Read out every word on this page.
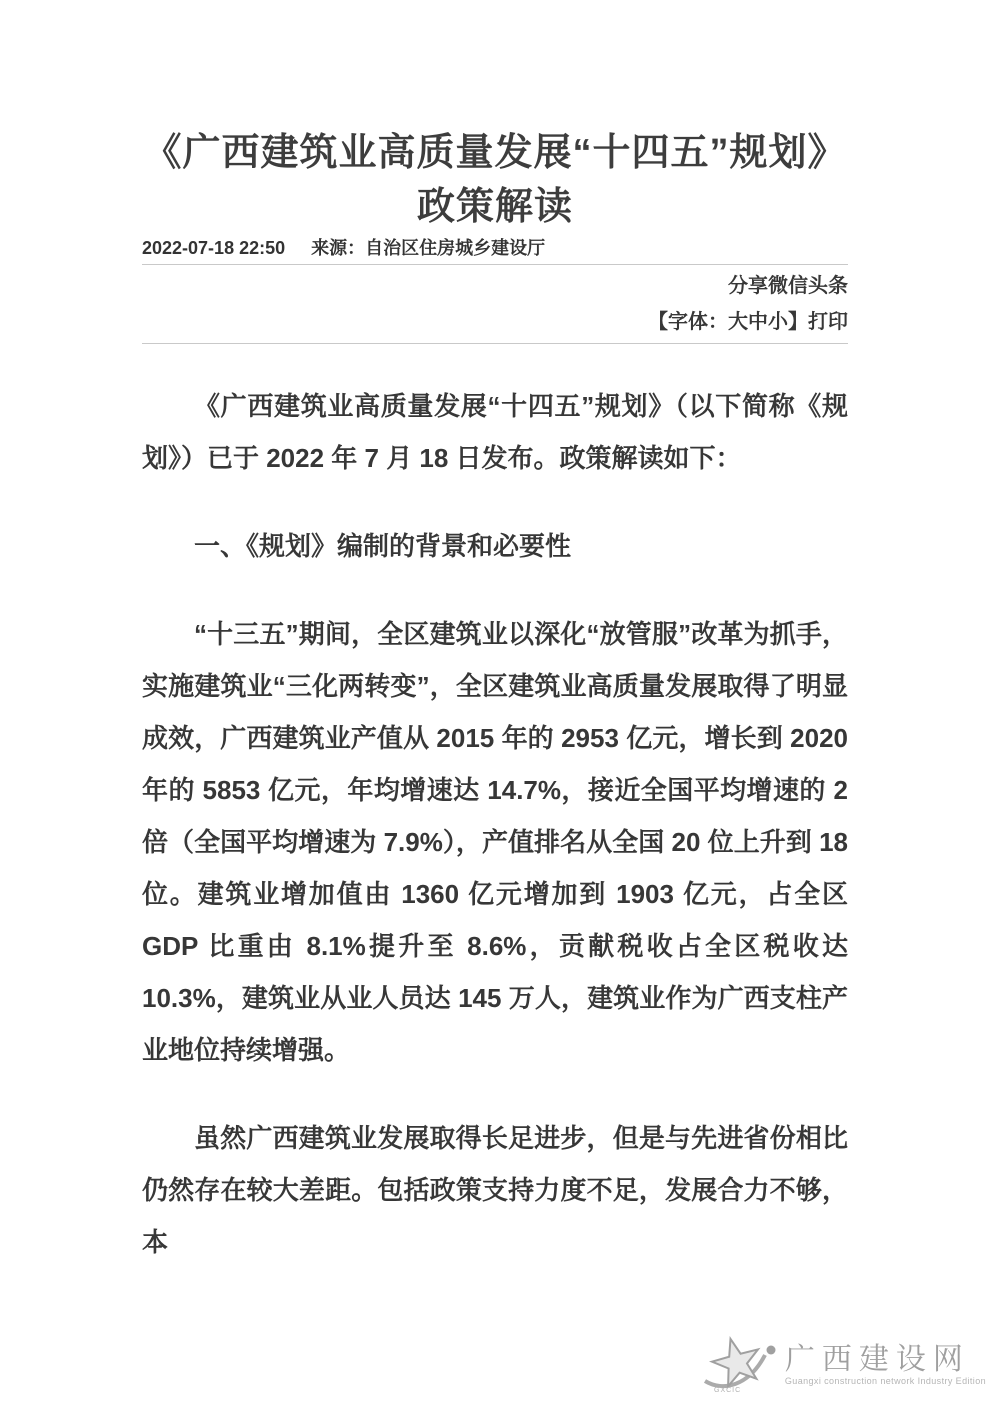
《广西建筑业高质量发展“十四五”规划》
政策解读
2022-07-18 22:50 来源：自治区住房城乡建设厅
分享微信头条
【字体：大中小】打印

《广西建筑业高质量发展“十四五”规划》（以下简称《规划》）已于 2022 年 7 月 18 日发布。政策解读如下：

一、《规划》编制的背景和必要性

“十三五”期间，全区建筑业以深化“放管服”改革为抓手，实施建筑业“三化两转变”，全区建筑业高质量发展取得了明显成效，广西建筑业产值从 2015 年的 2953 亿元，增长到 2020 年的 5853 亿元，年均增速达 14.7%，接近全国平均增速的 2 倍（全国平均增速为 7.9%），产值排名从全国 20 位上升到 18 位。建筑业增加值由 1360 亿元增加到 1903 亿元，占全区 GDP 比重由 8.1%提升至 8.6%，贡献税收占全区税收达 10.3%，建筑业从业人员达 145 万人，建筑业作为广西支柱产业地位持续增强。

虽然广西建筑业发展取得长足进步，但是与先进省份相比仍然存在较大差距。包括政策支持力度不足，发展合力不够，本

GXCIC
广西建设网
Guangxi construction network Industry Edition
